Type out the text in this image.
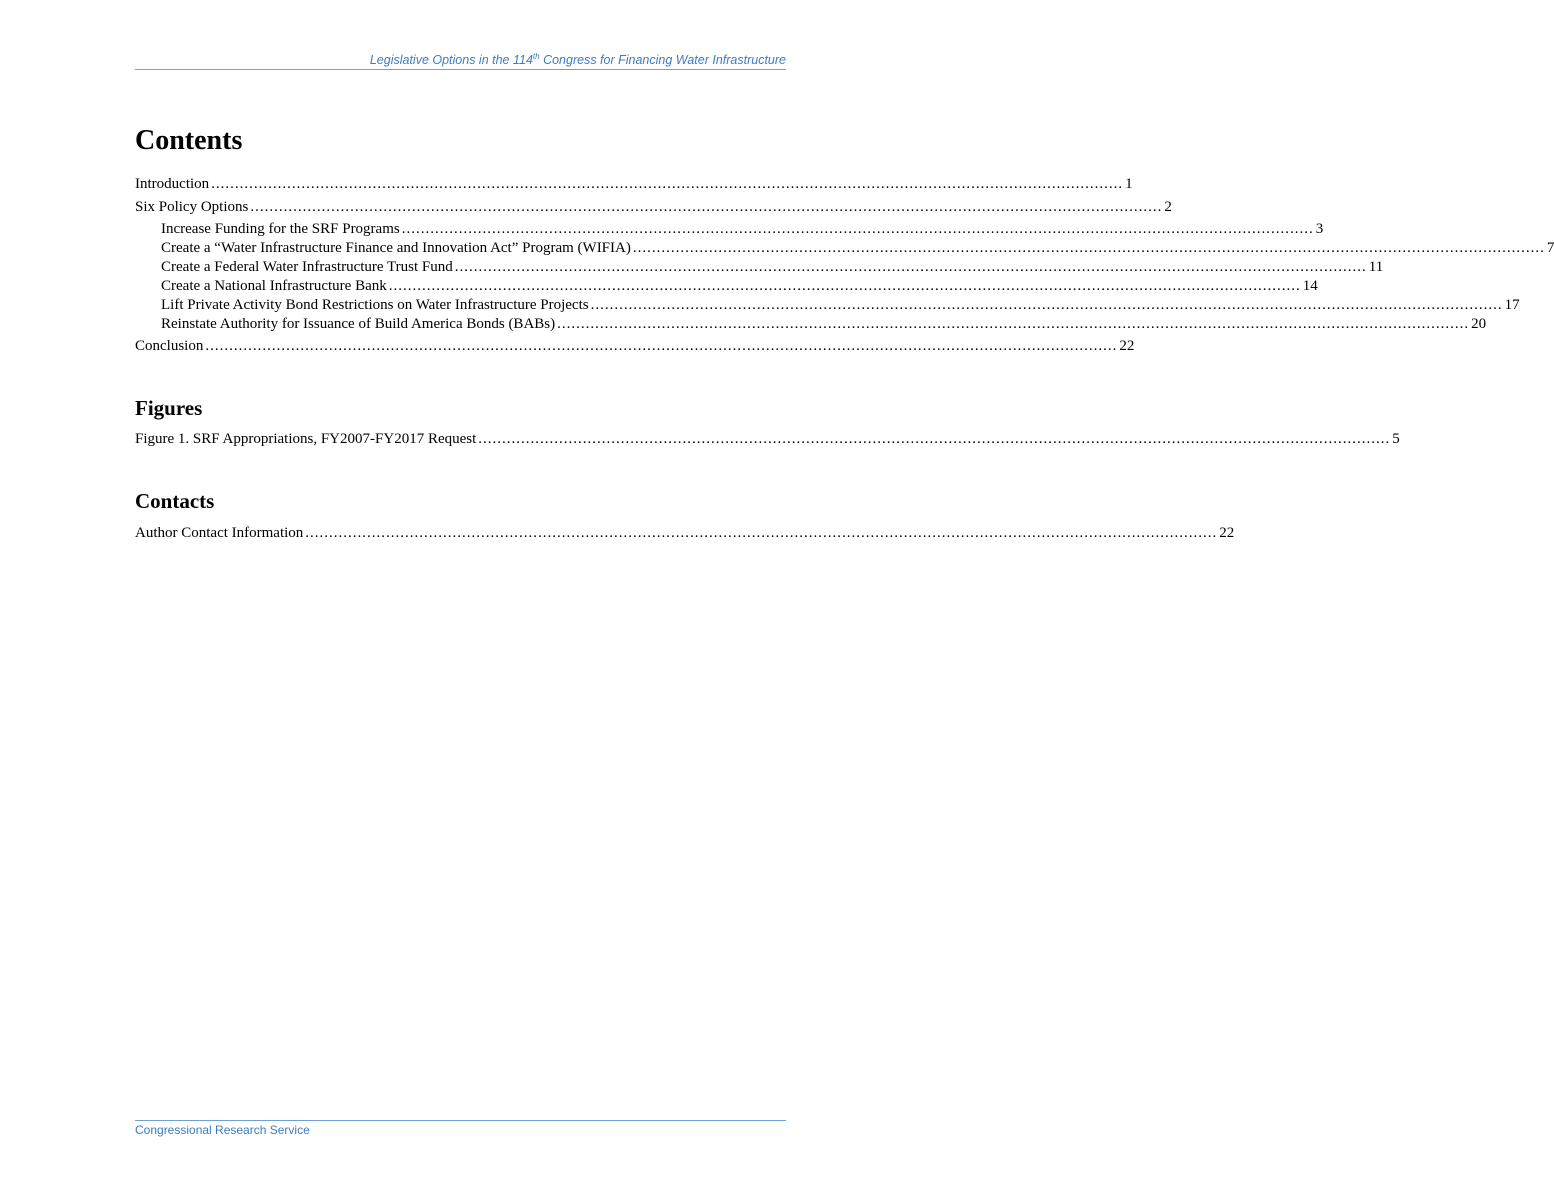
Legislative Options in the 114th Congress for Financing Water Infrastructure
Contents
Introduction ................................................................................................................................................................................................ 1
Six Policy Options ................................................................................................................................................................................................ 2
Increase Funding for the SRF Programs ................................................................................................................................................................................................ 3
Create a “Water Infrastructure Finance and Innovation Act” Program (WIFIA) ................................................................................................................................................................................................ 7
Create a Federal Water Infrastructure Trust Fund ................................................................................................................................................................................................ 11
Create a National Infrastructure Bank ................................................................................................................................................................................................ 14
Lift Private Activity Bond Restrictions on Water Infrastructure Projects ................................................................................................................................................................................................ 17
Reinstate Authority for Issuance of Build America Bonds (BABs) ................................................................................................................................................................................................ 20
Conclusion ................................................................................................................................................................................................ 22
Figures
Figure 1. SRF Appropriations, FY2007-FY2017 Request ................................................................................................................................................................................................ 5
Contacts
Author Contact Information ................................................................................................................................................................................................ 22
Congressional Research Service
